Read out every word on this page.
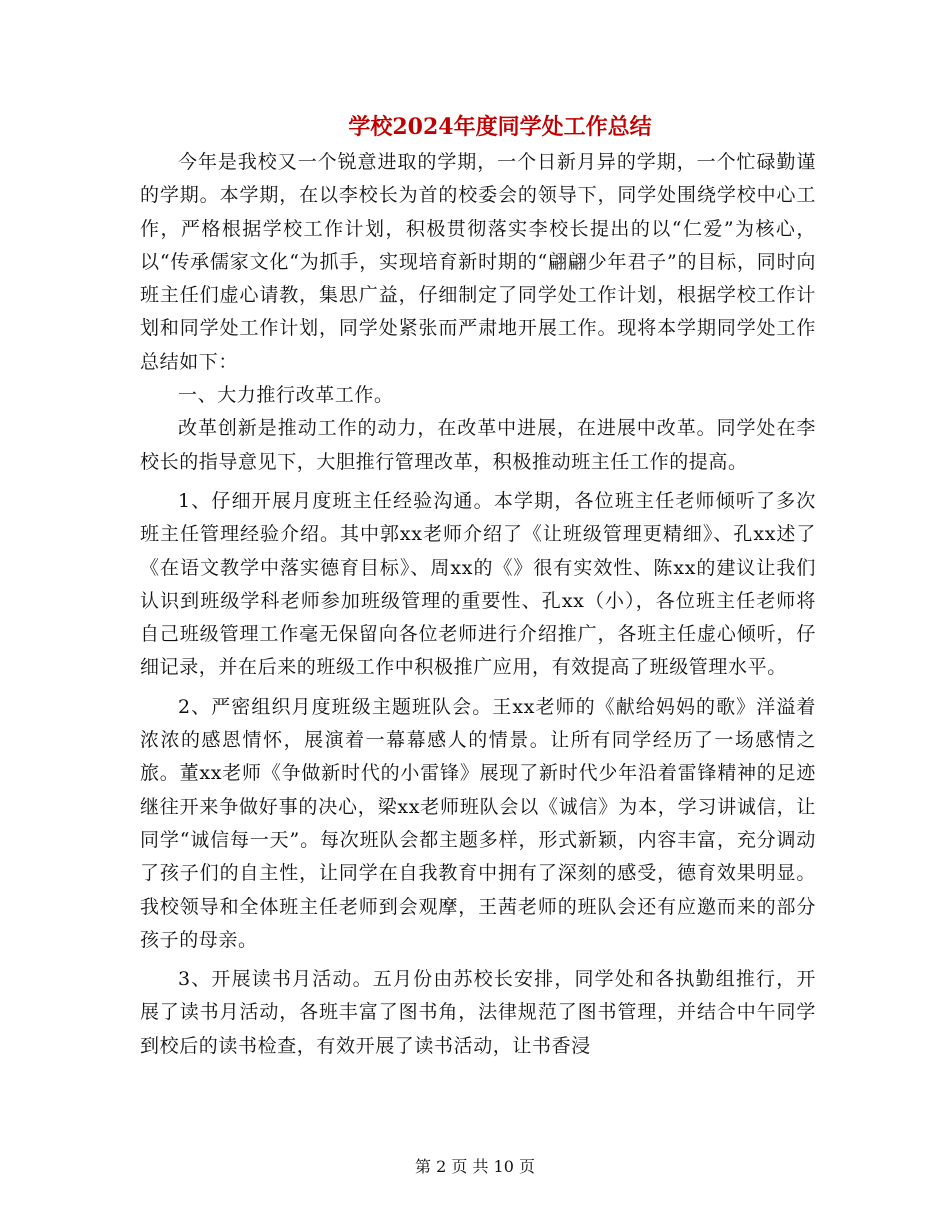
学校2024年度同学处工作总结

今年是我校又一个锐意进取的学期，一个日新月异的学期，一个忙碌勤谨的学期。本学期，在以李校长为首的校委会的领导下，同学处围绕学校中心工作，严格根据学校工作计划，积极贯彻落实李校长提出的以“仁爱”为核心，以“传承儒家文化“为抓手，实现培育新时期的“翩翩少年君子”的目标，同时向班主任们虚心请教，集思广益，仔细制定了同学处工作计划，根据学校工作计划和同学处工作计划，同学处紧张而严肃地开展工作。现将本学期同学处工作总结如下：

一、大力推行改革工作。

改革创新是推动工作的动力，在改革中进展，在进展中改革。同学处在李校长的指导意见下，大胆推行管理改革，积极推动班主任工作的提高。

1、仔细开展月度班主任经验沟通。本学期，各位班主任老师倾听了多次班主任管理经验介绍。其中郭xx老师介绍了《让班级管理更精细》、孔xx述了《在语文教学中落实德育目标》、周xx的《》很有实效性、陈xx的建议让我们认识到班级学科老师参加班级管理的重要性、孔xx（小），各位班主任老师将自己班级管理工作毫无保留向各位老师进行介绍推广，各班主任虚心倾听，仔细记录，并在后来的班级工作中积极推广应用，有效提高了班级管理水平。

2、严密组织月度班级主题班队会。王xx老师的《献给妈妈的歌》洋溢着浓浓的感恩情怀，展演着一幕幕感人的情景。让所有同学经历了一场感情之旅。董xx老师《争做新时代的小雷锋》展现了新时代少年沿着雷锋精神的足迹继往开来争做好事的决心，梁xx老师班队会以《诚信》为本，学习讲诚信，让同学“诚信每一天”。每次班队会都主题多样，形式新颖，内容丰富，充分调动了孩子们的自主性，让同学在自我教育中拥有了深刻的感受，德育效果明显。我校领导和全体班主任老师到会观摩，王茜老师的班队会还有应邀而来的部分孩子的母亲。

3、开展读书月活动。五月份由苏校长安排，同学处和各执勤组推行，开展了读书月活动，各班丰富了图书角，法律规范了图书管理，并结合中午同学到校后的读书检查，有效开展了读书活动，让书香浸

第 2 页 共 10 页
